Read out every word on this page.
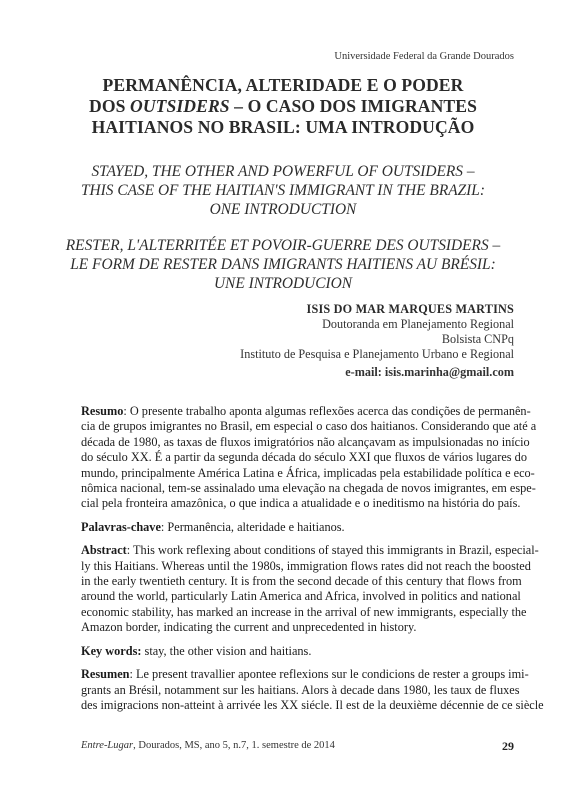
Universidade Federal da Grande Dourados
PERMANÊNCIA, ALTERIDADE E O PODER
DOS OUTSIDERS – O CASO DOS IMIGRANTES
HAITIANOS NO BRASIL: UMA INTRODUÇÃO
STAYED, THE OTHER AND POWERFUL OF OUTSIDERS –
THIS CASE OF THE HAITIAN'S IMMIGRANT IN THE BRAZIL:
ONE INTRODUCTION
RESTER, L'ALTERRITÉE ET POVOIR-GUERRE DES OUTSIDERS –
LE FORM DE RESTER DANS IMIGRANTS HAITIENS AU BRÉSIL:
UNE INTRODUCION
ISIS DO MAR MARQUES MARTINS
Doutoranda em Planejamento Regional
Bolsista CNPq
Instituto de Pesquisa e Planejamento Urbano e Regional
e-mail: isis.marinha@gmail.com

Resumo: O presente trabalho aponta algumas reflexões acerca das condições de permanên-
cia de grupos imigrantes no Brasil, em especial o caso dos haitianos. Considerando que até a
década de 1980, as taxas de fluxos imigratórios não alcançavam as impulsionadas no início
do século XX. É a partir da segunda década do século XXI que fluxos de vários lugares do
mundo, principalmente América Latina e África, implicadas pela estabilidade política e eco-
nômica nacional, tem-se assinalado uma elevação na chegada de novos imigrantes, em espe-
cial pela fronteira amazônica, o que indica a atualidade e o ineditismo na história do país.

Palavras-chave: Permanência, alteridade e haitianos.

Abstract: This work reflexing about conditions of stayed this immigrants in Brazil, especial-
ly this Haitians. Whereas until the 1980s, immigration flows rates did not reach the boosted
in the early twentieth century. It is from the second decade of this century that flows from
around the world, particularly Latin America and Africa, involved in politics and national
economic stability, has marked an increase in the arrival of new immigrants, especially the
Amazon border, indicating the current and unprecedented in history.

Key words: stay, the other vision and haitians.

Resumen: Le present travallier apontee reflexions sur le condicions de rester a groups imi-
grants an Brésil, notamment sur les haitians. Alors à decade dans 1980, les taux de fluxes
des imigracions non-atteint à arrivée les XX siécle. Il est de la deuxième décennie de ce siècle

Entre-Lugar, Dourados, MS, ano 5, n.7, 1. semestre de 2014	29
